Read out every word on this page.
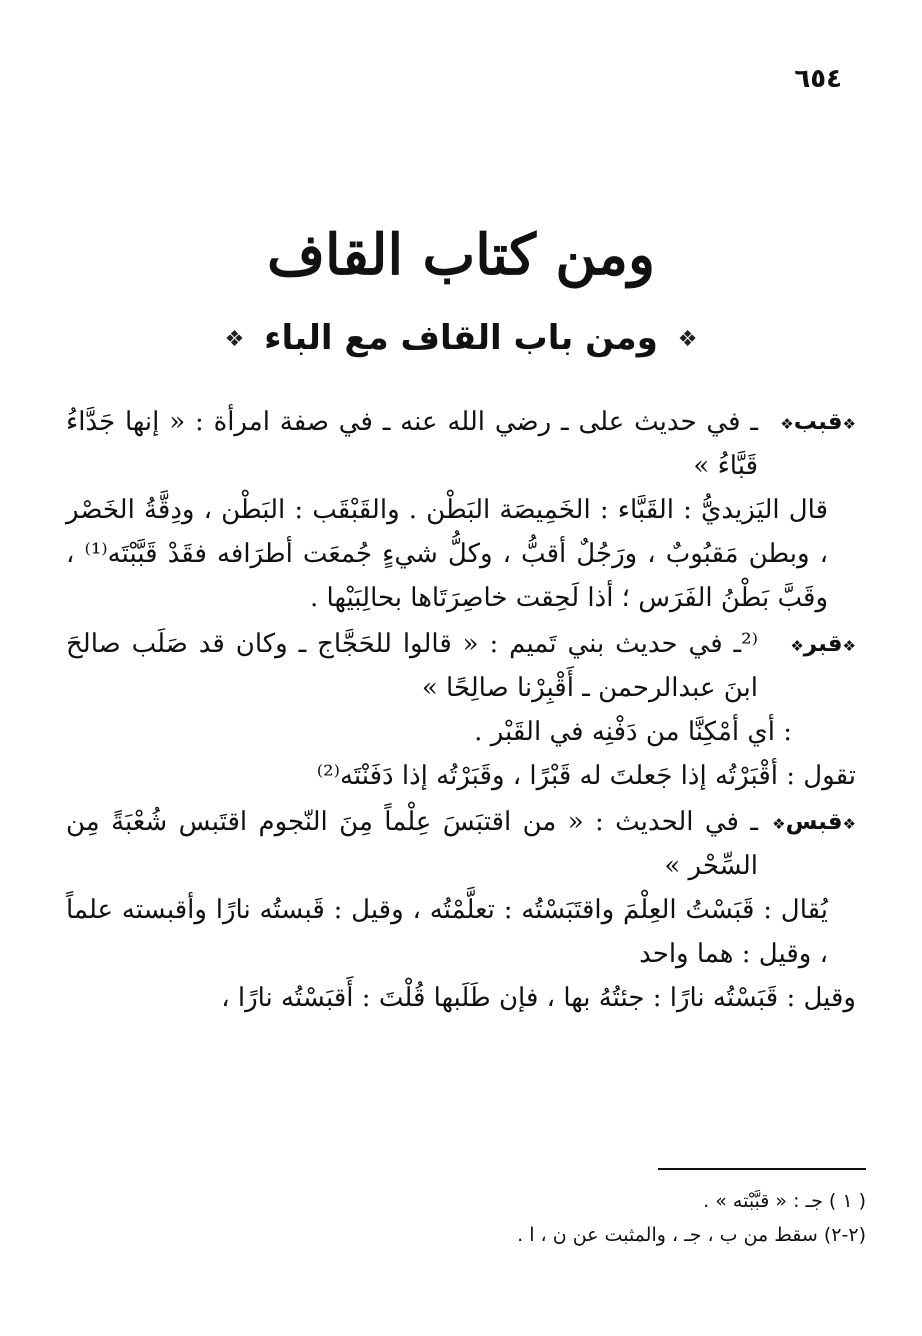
٦٥٤
ومن كتاب القاف
❖ ومن باب القاف مع الباء ❖
❖قبب❖
ـ في حديث على ـ رضي الله عنه ـ في صفة امرأة : « إنها جَدَّاءُ قَبَّاءُ »

قال اليَزيديُّ : القَبَّاء : الخَمِيصَة البَطْن . والقَبْقَب : البَطْن ، ودِقَّةُ الخَصْر ، وبطن مَقبُوبٌ ، ورَجُلٌ أقبُّ ، وكلُّ شيءٍ جُمعَت أطرَافه فقَدْ قَبَّبْتَه⁽¹⁾ ، وقَبَّ بَطْنُ الفَرَس ؛ أذا لَحِقت خاصِرَتَاها بحالِبَيْها .

❖قبر❖
⁽²ـ في حديث بني تَميم : « قالوا للحَجَّاج ـ وكان قد صَلَب صالحَ ابنَ عبدالرحمن ـ أَقْبِرْنا صالِحًا »

: أي أمْكِنَّا من دَفْنِه في القَبْر .

تقول : أقْبَرْتُه إذا جَعلتَ له قَبْرًا ، وقَبَرْتُه إذا دَفَنْتَه⁽²⁾

❖قبس❖
ـ في الحديث : « من اقتبَسَ عِلْماً مِنَ النّجوم اقتَبس شُعْبَةً مِن السِّحْر »

يُقال : قَبَسْتُ العِلْمَ واقتَبَسْتُه : تعلَّمْتُه ، وقيل : قَبستُه نارًا وأقبسته علماً ، وقيل : هما واحد

وقيل : قَبَسْتُه نارًا : جئتُهُ بها ، فإن طَلَبها قُلْتَ : أَقبَسْتُه نارًا ،

( ١ ) جـ : « قبَّبْته » .
(٢-٢) سقط من ب ، جـ ، والمثبت عن ن ، ا .
